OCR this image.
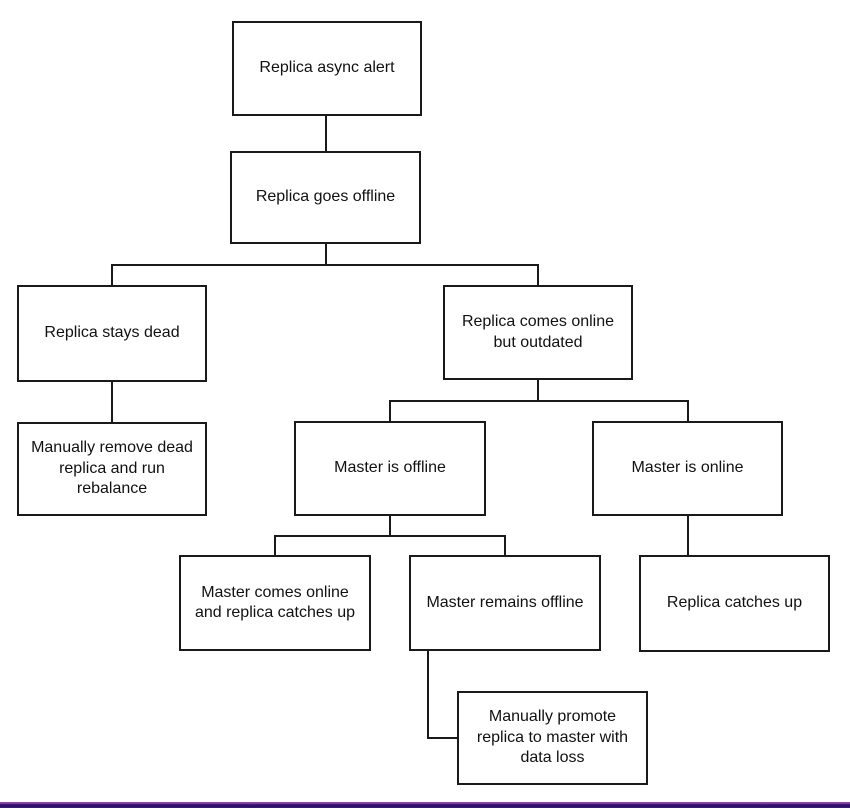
Replica async alert
Replica goes offline
Replica stays dead
Replica comes online but outdated
Manually remove dead replica and run rebalance
Master is offline	Master is online
Master comes online and replica catches up
Master remains offline	Replica catches up
Manually promote replica to master with data loss
